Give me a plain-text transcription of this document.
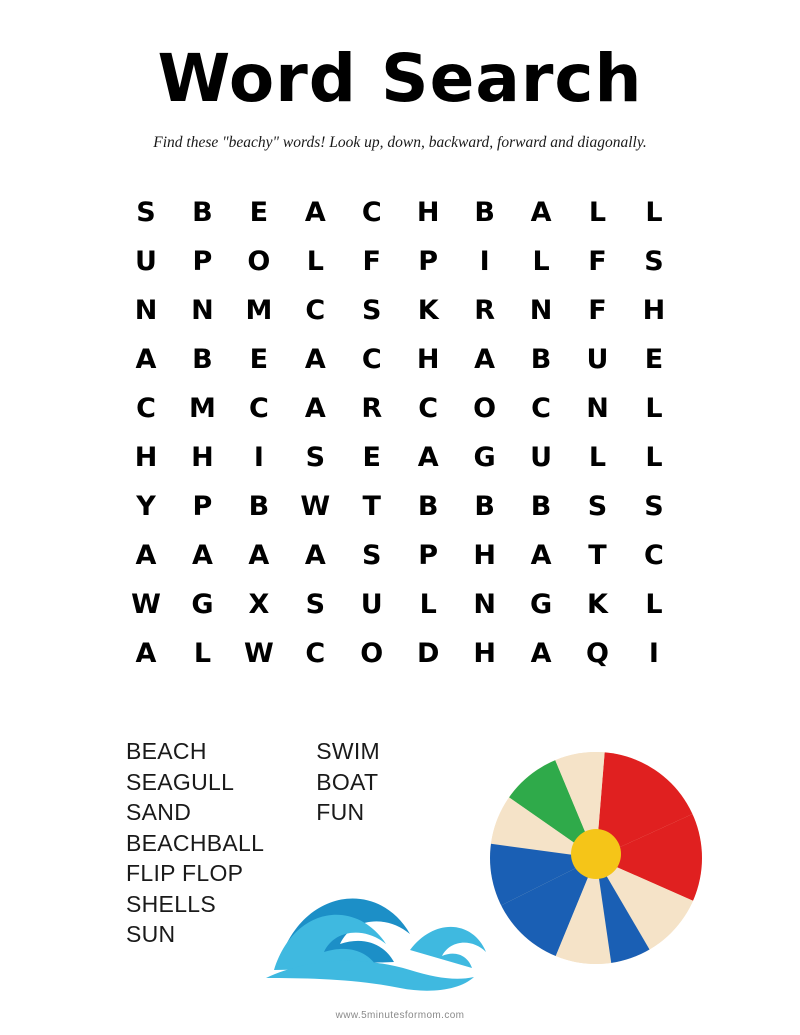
Word Search

Find these "beachy" words! Look up, down, backward, forward and diagonally.

S	B	E	A	C	H	B	A	L	L
U	P	O	L	F	P	I	L	F	S
N	N	M	C	S	K	R	N	F	H
A	B	E	A	C	H	A	B	U	E
C	M	C	A	R	C	O	C	N	L
H	H	I	S	E	A	G	U	L	L
Y	P	B	W	T	B	B	B	S	S
A	A	A	A	S	P	H	A	T	C
W	G	X	S	U	L	N	G	K	L
A	L	W	C	O	D	H	A	Q	I
BEACH
SEAGULL
SAND
BEACHBALL
FLIP FLOP
SHELLS
SUN
SWIM
BOAT
FUN
www.5minutesformom.com
